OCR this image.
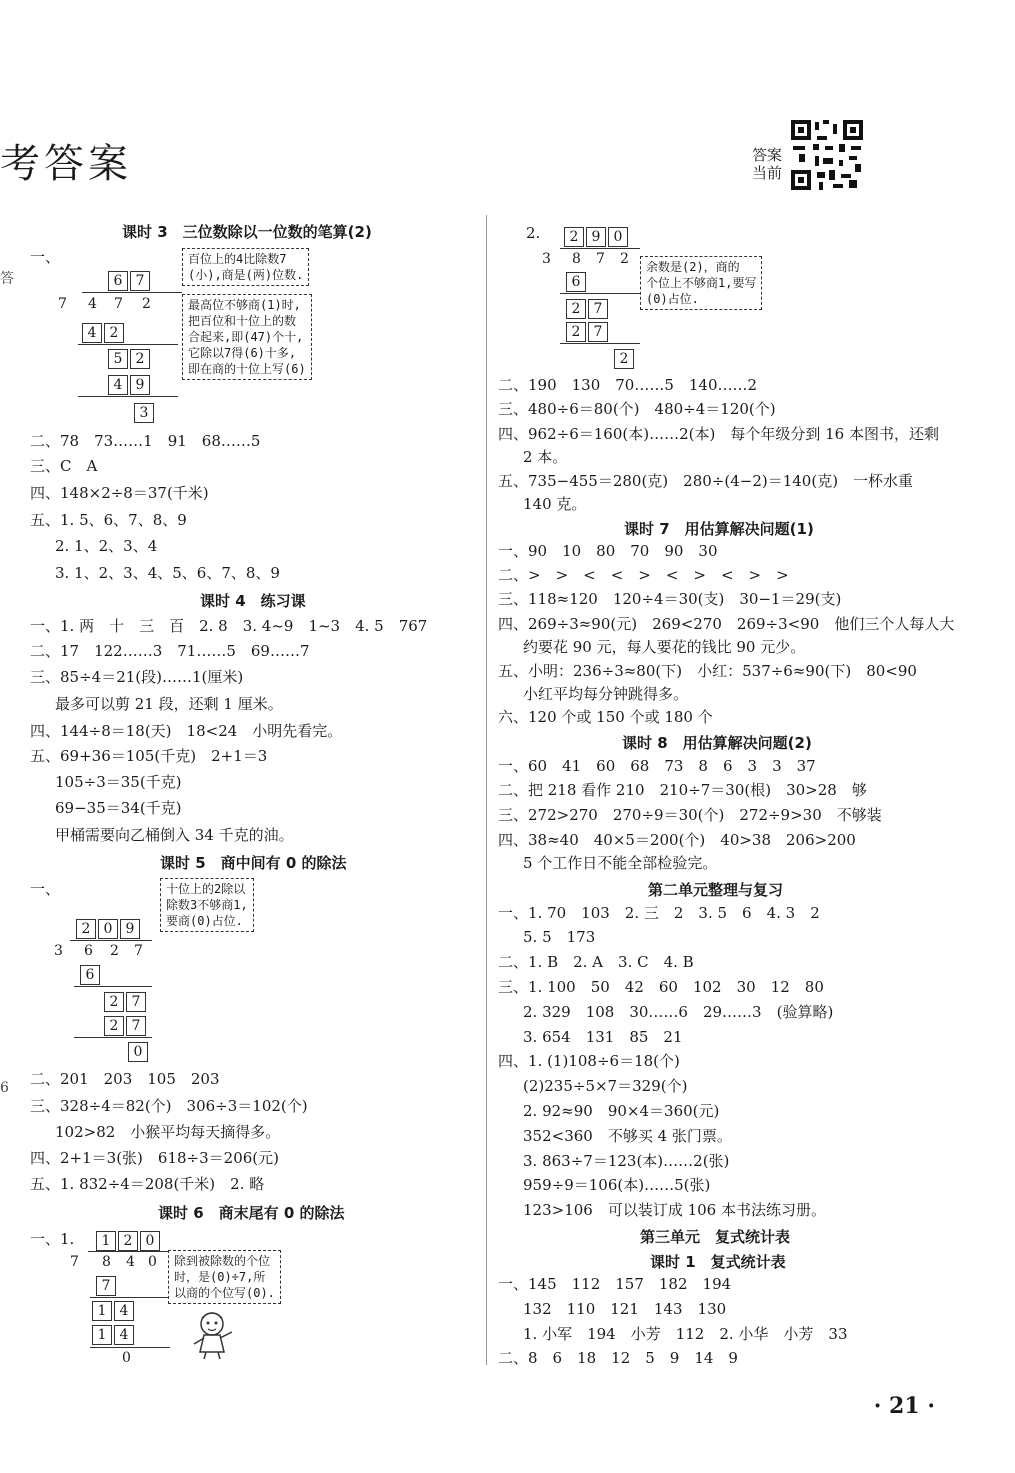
考答案	答案
当前
答
6
课时 3　三位数除以一位数的笔算(2)
一、
6 7
7 4 7 2
4 2
5 2
4 9
3
百位上的4比除数7
(小),商是(两)位数.
最高位不够商(1)时,
把百位和十位上的数
合起来,即(47)个十,
它除以7得(6)十多,
即在商的十位上写(6)
二、78　73……1　91　68……5
三、C　A
四、148×2÷8＝37(千米)
五、1. 5、6、7、8、9
2. 1、2、3、4
3. 1、2、3、4、5、6、7、8、9
课时 4　练习课
一、1. 两　十　三　百　2. 8　3. 4~9　1~3　4. 5　767
二、17　122……3　71……5　69……7
三、85÷4＝21(段)……1(厘米)
最多可以剪 21 段，还剩 1 厘米。
四、144÷8＝18(天)　18<24　小明先看完。
五、69+36＝105(千克)　2+1＝3
105÷3＝35(千克)
69−35＝34(千克)
甲桶需要向乙桶倒入 34 千克的油。
课时 5　商中间有 0 的除法
一、
2 0 9
3 6 2 7
6
2 7
2 7
0
十位上的2除以
除数3不够商1,
要商(0)占位.
二、201　203　105　203
三、328÷4＝82(个)　306÷3＝102(个)
102>82　小猴平均每天摘得多。
四、2+1＝3(张)　618÷3＝206(元)
五、1. 832÷4＝208(千米)　2. 略
课时 6　商末尾有 0 的除法
一、1.	1 2 0
7 8 4 0
7
1 4
1 4
0
除到被除数的个位
时，是(0)÷7,所
以商的个位写(0).
2.	2 9 0
3 8 7 2
6
2 7
2 7
2
余数是(2)，商的
个位上不够商1,要写
(0)占位.
二、190　130　70……5　140……2
三、480÷6＝80(个)　480÷4＝120(个)
四、962÷6＝160(本)……2(本)　每个年级分到 16 本图书，还剩
2 本。
五、735−455＝280(克)　280÷(4−2)＝140(克)　一杯水重
140 克。
课时 7　用估算解决问题(1)
一、90　10　80　70　90　30
二、>　>　<　<　>　<　>　<　>　>
三、118≈120　120÷4＝30(支)　30−1＝29(支)
四、269÷3≈90(元)　269<270　269÷3<90　他们三个人每人大
约要花 90 元，每人要花的钱比 90 元少。
五、小明：236÷3≈80(下)　小红：537÷6≈90(下)　80<90
小红平均每分钟跳得多。
六、120 个或 150 个或 180 个
课时 8　用估算解决问题(2)
一、60　41　60　68　73　8　6　3　3　37
二、把 218 看作 210　210÷7＝30(根)　30>28　够
三、272>270　270÷9＝30(个)　272÷9>30　不够装
四、38≈40　40×5＝200(个)　40>38　206>200
5 个工作日不能全部检验完。
第二单元整理与复习
一、1. 70　103　2. 三　2　3. 5　6　4. 3　2
5. 5　173
二、1. B　2. A　3. C　4. B
三、1. 100　50　42　60　102　30　12　80
2. 329　108　30……6　29……3　(验算略)
3. 654　131　85　21
四、1. (1)108÷6＝18(个)
(2)235÷5×7＝329(个)
2. 92≈90　90×4＝360(元)
352<360　不够买 4 张门票。
3. 863÷7＝123(本)……2(张)
959÷9＝106(本)……5(张)
123>106　可以装订成 106 本书法练习册。
第三单元　复式统计表
课时 1　复式统计表
一、145　112　157　182　194
132　110　121　143　130
1. 小军　194　小芳　112　2. 小华　小芳　33
二、8　6　18　12　5　9　14　9
· 21 ·
